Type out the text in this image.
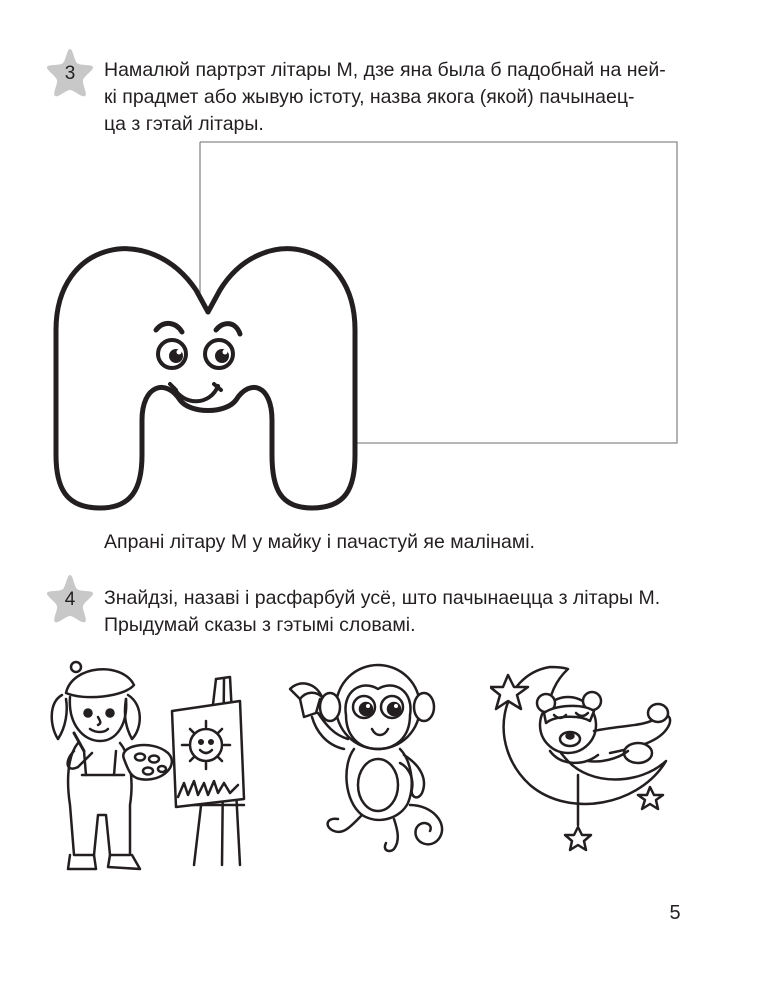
3	Намалюй партрэт літары М, дзе яна была б падобнай на ней-
кі прадмет або жывую істоту, назва якога (якой) пачынаец-
ца з гэтай літары.

Апрані літару М у майку і пачастуй яе малінамі.

4	Знайдзі, назаві і расфарбуй усё, што пачынаецца з літары М.
Прыдумай сказы з гэтымі словамі.

5
